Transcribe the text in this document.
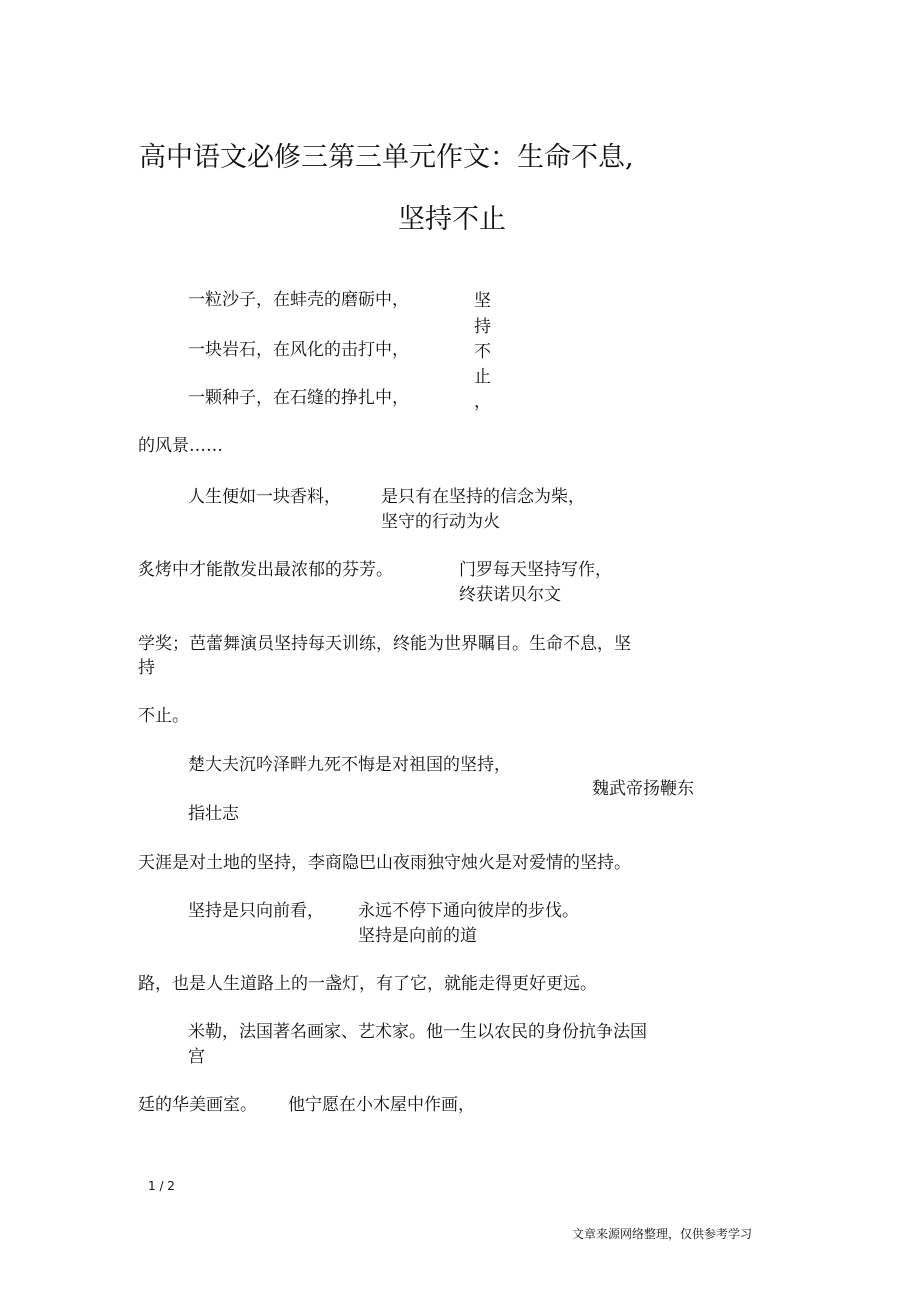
高中语文必修三第三单元作文：生命不息,
坚持不止
一粒沙子，在蚌壳的磨砺中，
一块岩石，在风化的击打中，
一颗种子，在石缝的挣扎中，
坚
持
不
止
，
的风景……
人生便如一块香料， 是只有在坚持的信念为柴，
坚守的行动为火
炙烤中才能散发出最浓郁的芬芳。	门罗每天坚持写作，
终获诺贝尔文
学奖；芭蕾舞演员坚持每天训练，终能为世界瞩目。生命不息，坚
持
不止。
楚大夫沉吟泽畔九死不悔是对祖国的坚持，
魏武帝扬鞭东
指壮志
天涯是对土地的坚持，李商隐巴山夜雨独守烛火是对爱情的坚持。
坚持是只向前看， 永远不停下通向彼岸的步伐。
坚持是向前的道
路，也是人生道路上的一盏灯，有了它，就能走得更好更远。
米勒，法国著名画家、艺术家。他一生以农民的身份抗争法国
宫
廷的华美画室。 他宁愿在小木屋中作画，
1 / 2
文章来源网络整理，仅供参考学习
